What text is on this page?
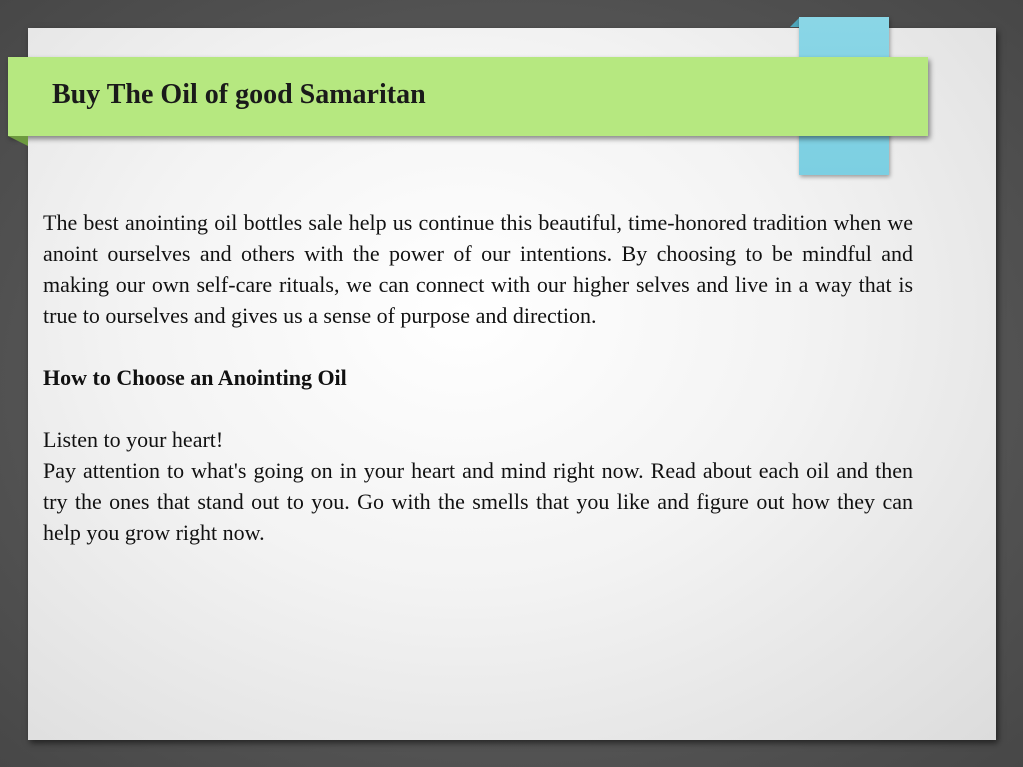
Buy The Oil of good Samaritan

The best anointing oil bottles sale help us continue this beautiful, time-honored tradition when we anoint ourselves and others with the power of our intentions. By choosing to be mindful and making our own self-care rituals, we can connect with our higher selves and live in a way that is true to ourselves and gives us a sense of purpose and direction.

How to Choose an Anointing Oil

Listen to your heart!

Pay attention to what's going on in your heart and mind right now. Read about each oil and then try the ones that stand out to you. Go with the smells that you like and figure out how they can help you grow right now.
